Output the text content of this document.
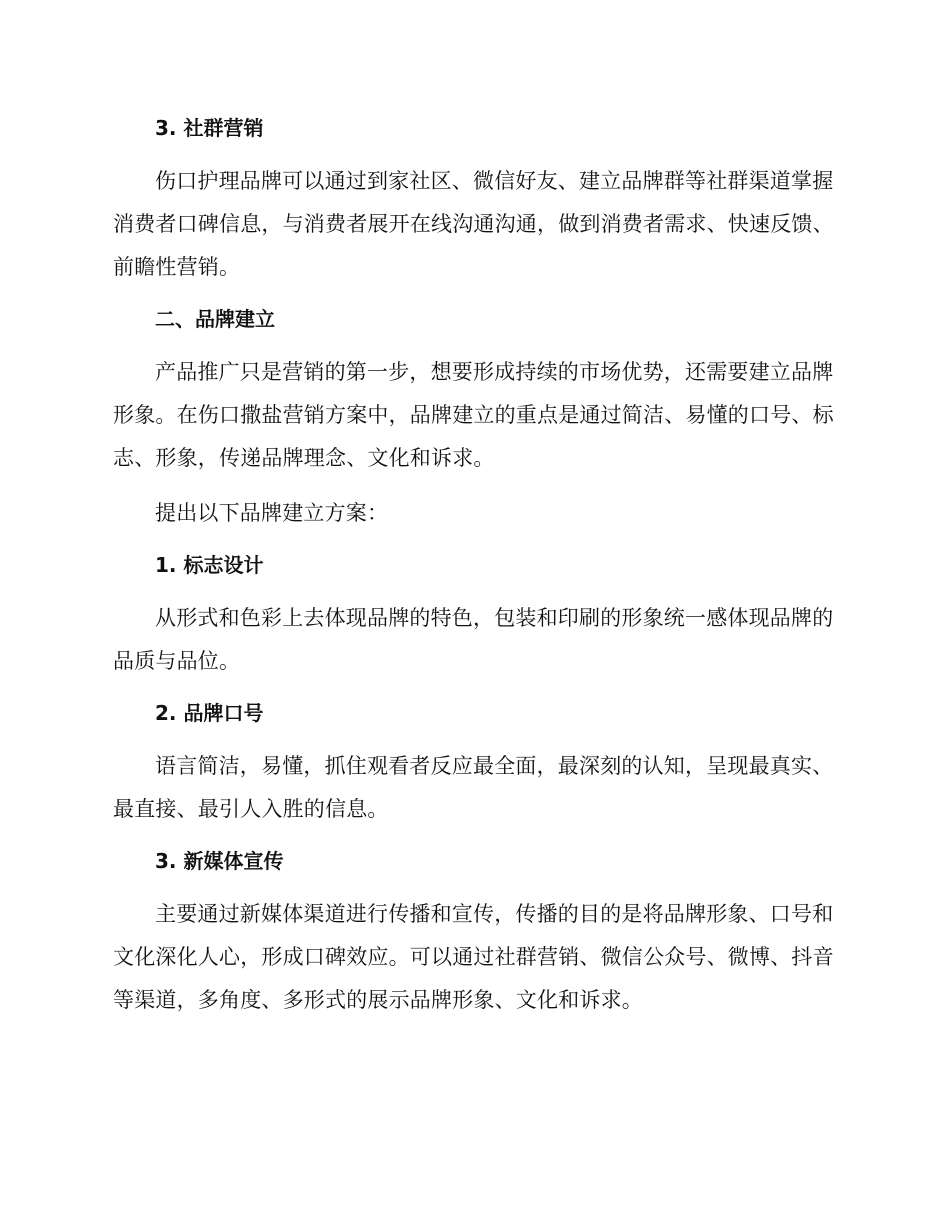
3. 社群营销
伤口护理品牌可以通过到家社区、微信好友、建立品牌群等社群渠道掌握消费者口碑信息，与消费者展开在线沟通沟通，做到消费者需求、快速反馈、前瞻性营销。
二、品牌建立
产品推广只是营销的第一步，想要形成持续的市场优势，还需要建立品牌形象。在伤口撒盐营销方案中，品牌建立的重点是通过简洁、易懂的口号、标志、形象，传递品牌理念、文化和诉求。
提出以下品牌建立方案：
1. 标志设计
从形式和色彩上去体现品牌的特色，包装和印刷的形象统一感体现品牌的品质与品位。
2. 品牌口号
语言简洁，易懂，抓住观看者反应最全面，最深刻的认知，呈现最真实、最直接、最引人入胜的信息。
3. 新媒体宣传
主要通过新媒体渠道进行传播和宣传，传播的目的是将品牌形象、口号和文化深化人心，形成口碑效应。可以通过社群营销、微信公众号、微博、抖音等渠道，多角度、多形式的展示品牌形象、文化和诉求。
